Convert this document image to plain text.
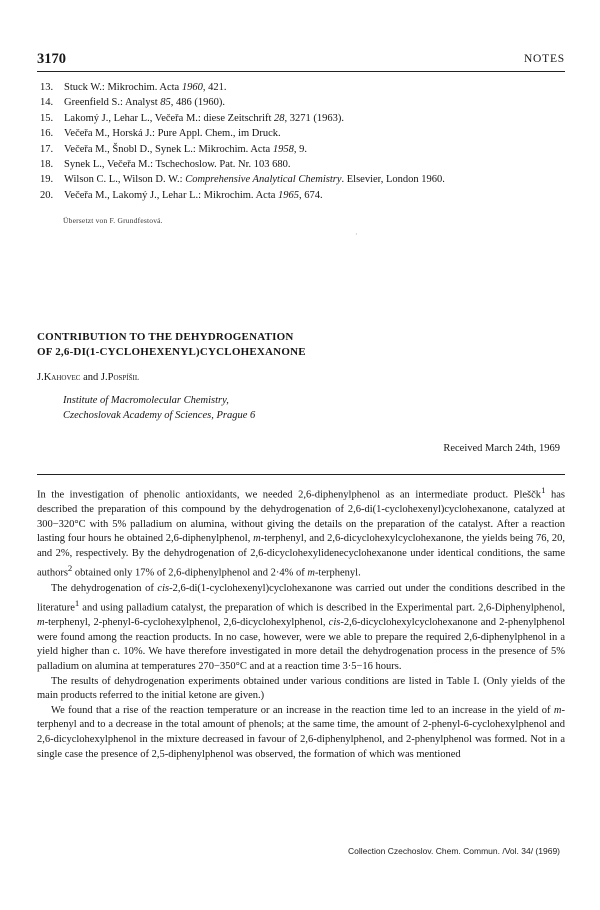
3170	NOTES
13. Stuck W.: Mikrochim. Acta 1960, 421.
14. Greenfield S.: Analyst 85, 486 (1960).
15. Lakomý J., Lehar L., Večeřa M.: diese Zeitschrift 28, 3271 (1963).
16. Večeřa M., Horská J.: Pure Appl. Chem., im Druck.
17. Večeřa M., Šnobl D., Synek L.: Mikrochim. Acta 1958, 9.
18. Synek L., Večeřa M.: Tschechoslow. Pat. Nr. 103 680.
19. Wilson C. L., Wilson D. W.: Comprehensive Analytical Chemistry. Elsevier, London 1960.
20. Večeřa M., Lakomý J., Lehar L.: Mikrochim. Acta 1965, 674.
Übersetzt von F. Grundfestová.
·
CONTRIBUTION TO THE DEHYDROGENATION
OF 2,6-DI(1-CYCLOHEXENYL)CYCLOHEXANONE
J.Kahovec and J.Pospíšil
Institute of Macromolecular Chemistry,
Czechoslovak Academy of Sciences, Prague 6
Received March 24th, 1969

In the investigation of phenolic antioxidants, we needed 2,6-diphenylphenol as an intermediate product. Pleščk$^1$ has described the preparation of this compound by the dehydrogenation of 2,6-di(1-cyclohexenyl)cyclohexanone, catalyzed at 300−320°C with 5% palladium on alumina, without giving the details on the preparation of the catalyst. After a reaction lasting four hours he obtained 2,6-diphenylphenol, m-terphenyl, and 2,6-dicyclohexylcyclohexanone, the yields being 76, 20, and 2%, respectively. By the dehydrogenation of 2,6-dicyclohexylidenecyclohexanone under identical conditions, the same authors$^2$ obtained only 17% of 2,6-diphenylphenol and 2·4% of m-terphenyl.

The dehydrogenation of cis-2,6-di(1-cyclohexenyl)cyclohexanone was carried out under the conditions described in the literature$^1$ and using palladium catalyst, the preparation of which is described in the Experimental part. 2,6-Diphenylphenol, m-terphenyl, 2-phenyl-6-cyclohexylphenol, 2,6-dicyclohexylphenol, cis-2,6-dicyclohexylcyclohexanone and 2-phenylphenol were found among the reaction products. In no case, however, were we able to prepare the required 2,6-diphenylphenol in a yield higher than c. 10%. We have therefore investigated in more detail the dehydrogenation process in the presence of 5% palladium on alumina at temperatures 270−350°C and at a reaction time 3·5−16 hours.

The results of dehydrogenation experiments obtained under various conditions are listed in Table I. (Only yields of the main products referred to the initial ketone are given.)

We found that a rise of the reaction temperature or an increase in the reaction time led to an increase in the yield of m-terphenyl and to a decrease in the total amount of phenols; at the same time, the amount of 2-phenyl-6-cyclohexylphenol and 2,6-dicyclohexylphenol in the mixture decreased in favour of 2,6-diphenylphenol, and 2-phenylphenol was formed. Not in a single case the presence of 2,5-diphenylphenol was observed, the formation of which was mentioned

Collection Czechoslov. Chem. Commun. /Vol. 34/ (1969)
